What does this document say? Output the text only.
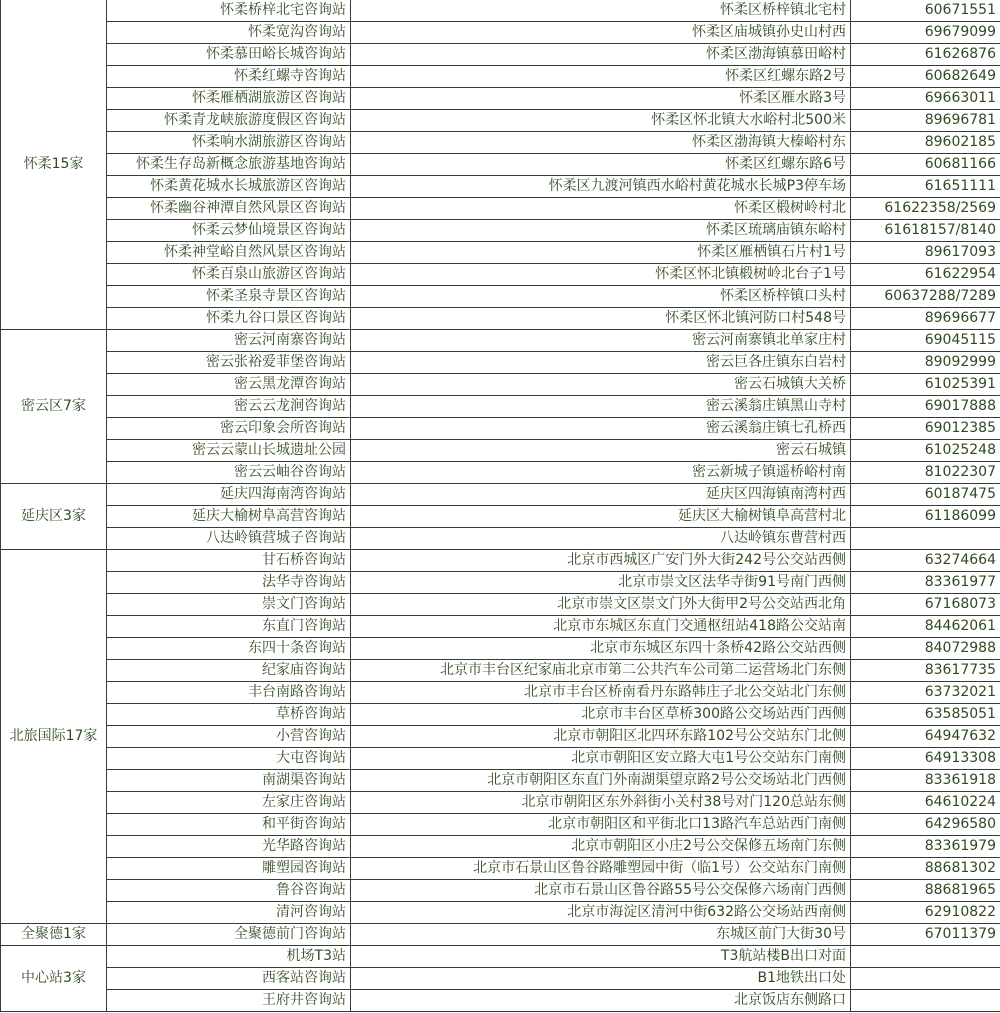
怀柔15家	怀柔桥梓北宅咨询站	怀柔区桥梓镇北宅村	60671551
	怀柔宽沟咨询站	怀柔区庙城镇孙史山村西	69679099
	怀柔慕田峪长城咨询站	怀柔区渤海镇慕田峪村	61626876
	怀柔红螺寺咨询站	怀柔区红螺东路2号	60682649
	怀柔雁栖湖旅游区咨询站	怀柔区雁水路3号	69663011
	怀柔青龙峡旅游度假区咨询站	怀柔区怀北镇大水峪村北500米	89696781
	怀柔响水湖旅游区咨询站	怀柔区渤海镇大榛峪村东	89602185
	怀柔生存岛新概念旅游基地咨询站	怀柔区红螺东路6号	60681166
	怀柔黄花城水长城旅游区咨询站	怀柔区九渡河镇西水峪村黄花城水长城P3停车场	61651111
	怀柔幽谷神潭自然风景区咨询站	怀柔区椴树岭村北	61622358/2569
	怀柔云梦仙境景区咨询站	怀柔区琉璃庙镇东峪村	61618157/8140
	怀柔神堂峪自然风景区咨询站	怀柔区雁栖镇石片村1号	89617093
	怀柔百泉山旅游区咨询站	怀柔区怀北镇椴树岭北台子1号	61622954
	怀柔圣泉寺景区咨询站	怀柔区桥梓镇口头村	60637288/7289
	怀柔九谷口景区咨询站	怀柔区怀北镇河防口村548号	89696677
密云区7家	密云河南寨咨询站	密云河南寨镇北单家庄村	69045115
	密云张裕爱菲堡咨询站	密云巨各庄镇东白岩村	89092999
	密云黑龙潭咨询站	密云石城镇大关桥	61025391
	密云云龙涧咨询站	密云溪翁庄镇黑山寺村	69017888
	密云印象会所咨询站	密云溪翁庄镇七孔桥西	69012385
	密云云蒙山长城遗址公园	密云石城镇	61025248
	密云云岫谷咨询站	密云新城子镇遥桥峪村南	81022307
延庆区3家	延庆四海南湾咨询站	延庆区四海镇南湾村西	60187475
	延庆大榆树阜高营咨询站	延庆区大榆树镇阜高营村北	61186099
	八达岭镇营城子咨询站	八达岭镇东曹营村西	
北旅国际17家	甘石桥咨询站	北京市西城区广安门外大街242号公交站西侧	63274664
	法华寺咨询站	北京市崇文区法华寺街91号南门西侧	83361977
	崇文门咨询站	北京市崇文区崇文门外大街甲2号公交站西北角	67168073
	东直门咨询站	北京市东城区东直门交通枢纽站418路公交站南	84462061
	东四十条咨询站	北京市东城区东四十条桥42路公交站西侧	84072988
	纪家庙咨询站	北京市丰台区纪家庙北京市第二公共汽车公司第二运营场北门东侧	83617735
	丰台南路咨询站	北京市丰台区桥南看丹东路韩庄子北公交站北门东侧	63732021
	草桥咨询站	北京市丰台区草桥300路公交场站西门西侧	63585051
	小营咨询站	北京市朝阳区北四环东路102号公交站东门北侧	64947632
	大屯咨询站	北京市朝阳区安立路大屯1号公交站东门南侧	64913308
	南湖渠咨询站	北京市朝阳区东直门外南湖渠望京路2号公交场站北门西侧	83361918
	左家庄咨询站	北京市朝阳区东外斜街小关村38号对门120总站东侧	64610224
	和平街咨询站	北京市朝阳区和平街北口13路汽车总站西门南侧	64296580
	光华路咨询站	北京市朝阳区小庄2号公交保修五场南门东侧	83361979
	雕塑园咨询站	北京市石景山区鲁谷路雕塑园中街（临1号）公交站东门南侧	88681302
	鲁谷咨询站	北京市石景山区鲁谷路55号公交保修六场南门西侧	88681965
	清河咨询站	北京市海淀区清河中街632路公交场站西南侧	62910822
全聚德1家	全聚德前门咨询站	东城区前门大街30号	67011379
中心站3家	机场T3站	T3航站楼B出口对面	
	西客站咨询站	B1地铁出口处	
	王府井咨询站	北京饭店东侧路口	
